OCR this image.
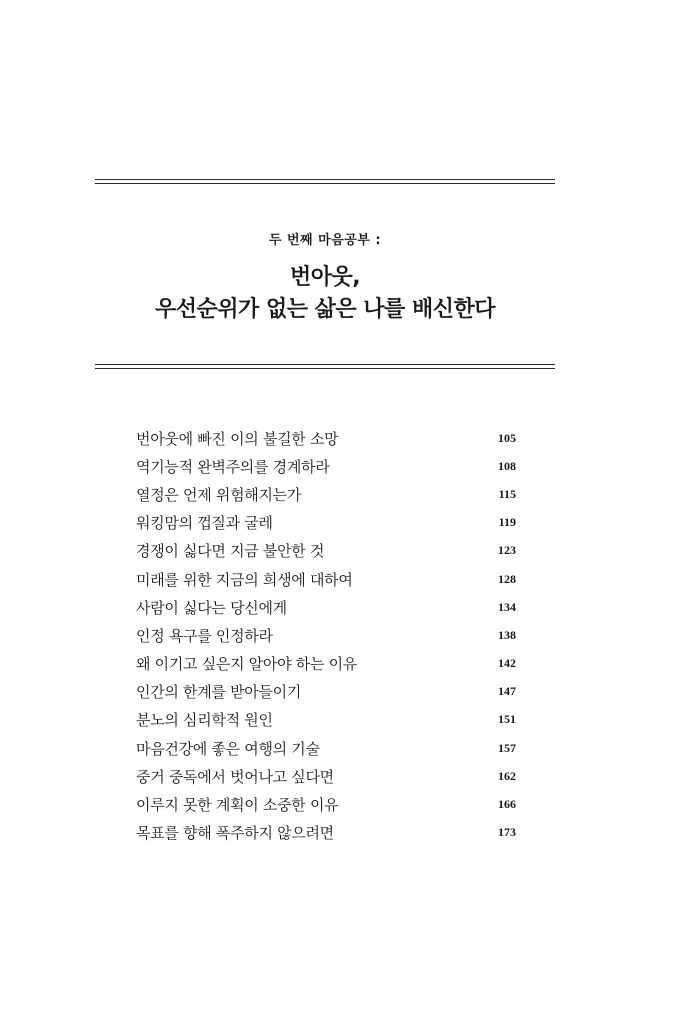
두 번째 마음공부 :
번아웃,
우선순위가 없는 삶은 나를 배신한다
번아웃에 빠진 이의 불길한 소망	105
역기능적 완벽주의를 경계하라	108
열정은 언제 위험해지는가	115
워킹맘의 껍질과 굴레	119
경쟁이 싫다면 지금 불안한 것	123
미래를 위한 지금의 희생에 대하여	128
사람이 싫다는 당신에게	134
인정 욕구를 인정하라	138
왜 이기고 싶은지 알아야 하는 이유	142
인간의 한계를 받아들이기	147
분노의 심리학적 원인	151
마음건강에 좋은 여행의 기술	157
중거 중독에서 벗어나고 싶다면	162
이루지 못한 계획이 소중한 이유	166
목표를 향해 폭주하지 않으려면	173
